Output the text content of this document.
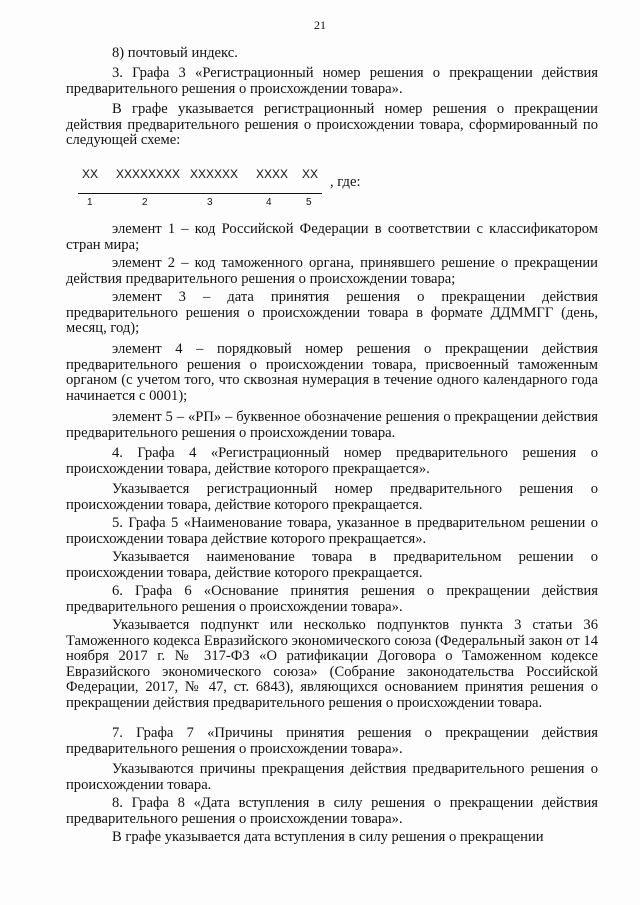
21

8) почтовый индекс.

3. Графа 3 «Регистрационный номер решения о прекращении действия предварительного решения о происхождении товара».

В графе указывается регистрационный номер решения о прекращении действия предварительного решения о происхождении товара, сформированный по следующей схеме:

XX XXXXXXXX XXXXXX XXXX XX , где:
1	2	3	4	5

элемент 1 – код Российской Федерации в соответствии с классификатором стран мира;

элемент 2 – код таможенного органа, принявшего решение о прекращении действия предварительного решения о происхождении товара;

элемент 3 – дата принятия решения о прекращении действия предварительного решения о происхождении товара в формате ДДММГГ (день, месяц, год);

элемент 4 – порядковый номер решения о прекращении действия предварительного решения о происхождении товара, присвоенный таможенным органом (с учетом того, что сквозная нумерация в течение одного календарного года начинается с 0001);

элемент 5 – «РП» – буквенное обозначение решения о прекращении действия предварительного решения о происхождении товара.

4. Графа 4 «Регистрационный номер предварительного решения о происхождении товара, действие которого прекращается».

Указывается регистрационный номер предварительного решения о происхождении товара, действие которого прекращается.

5. Графа 5 «Наименование товара, указанное в предварительном решении о происхождении товара действие которого прекращается».

Указывается наименование товара в предварительном решении о происхождении товара, действие которого прекращается.

6. Графа 6 «Основание принятия решения о прекращении действия предварительного решения о происхождении товара».

Указывается подпункт или несколько подпунктов пункта 3 статьи 36 Таможенного кодекса Евразийского экономического союза (Федеральный закон от 14 ноября 2017 г. № 317-ФЗ «О ратификации Договора о Таможенном кодексе Евразийского экономического союза» (Собрание законодательства Российской Федерации, 2017, № 47, ст. 6843), являющихся основанием принятия решения о прекращении действия предварительного решения о происхождении товара.

7. Графа 7 «Причины принятия решения о прекращении действия предварительного решения о происхождении товара».

Указываются причины прекращения действия предварительного решения о происхождении товара.

8. Графа 8 «Дата вступления в силу решения о прекращении действия предварительного решения о происхождении товара».

В графе указывается дата вступления в силу решения о прекращении
